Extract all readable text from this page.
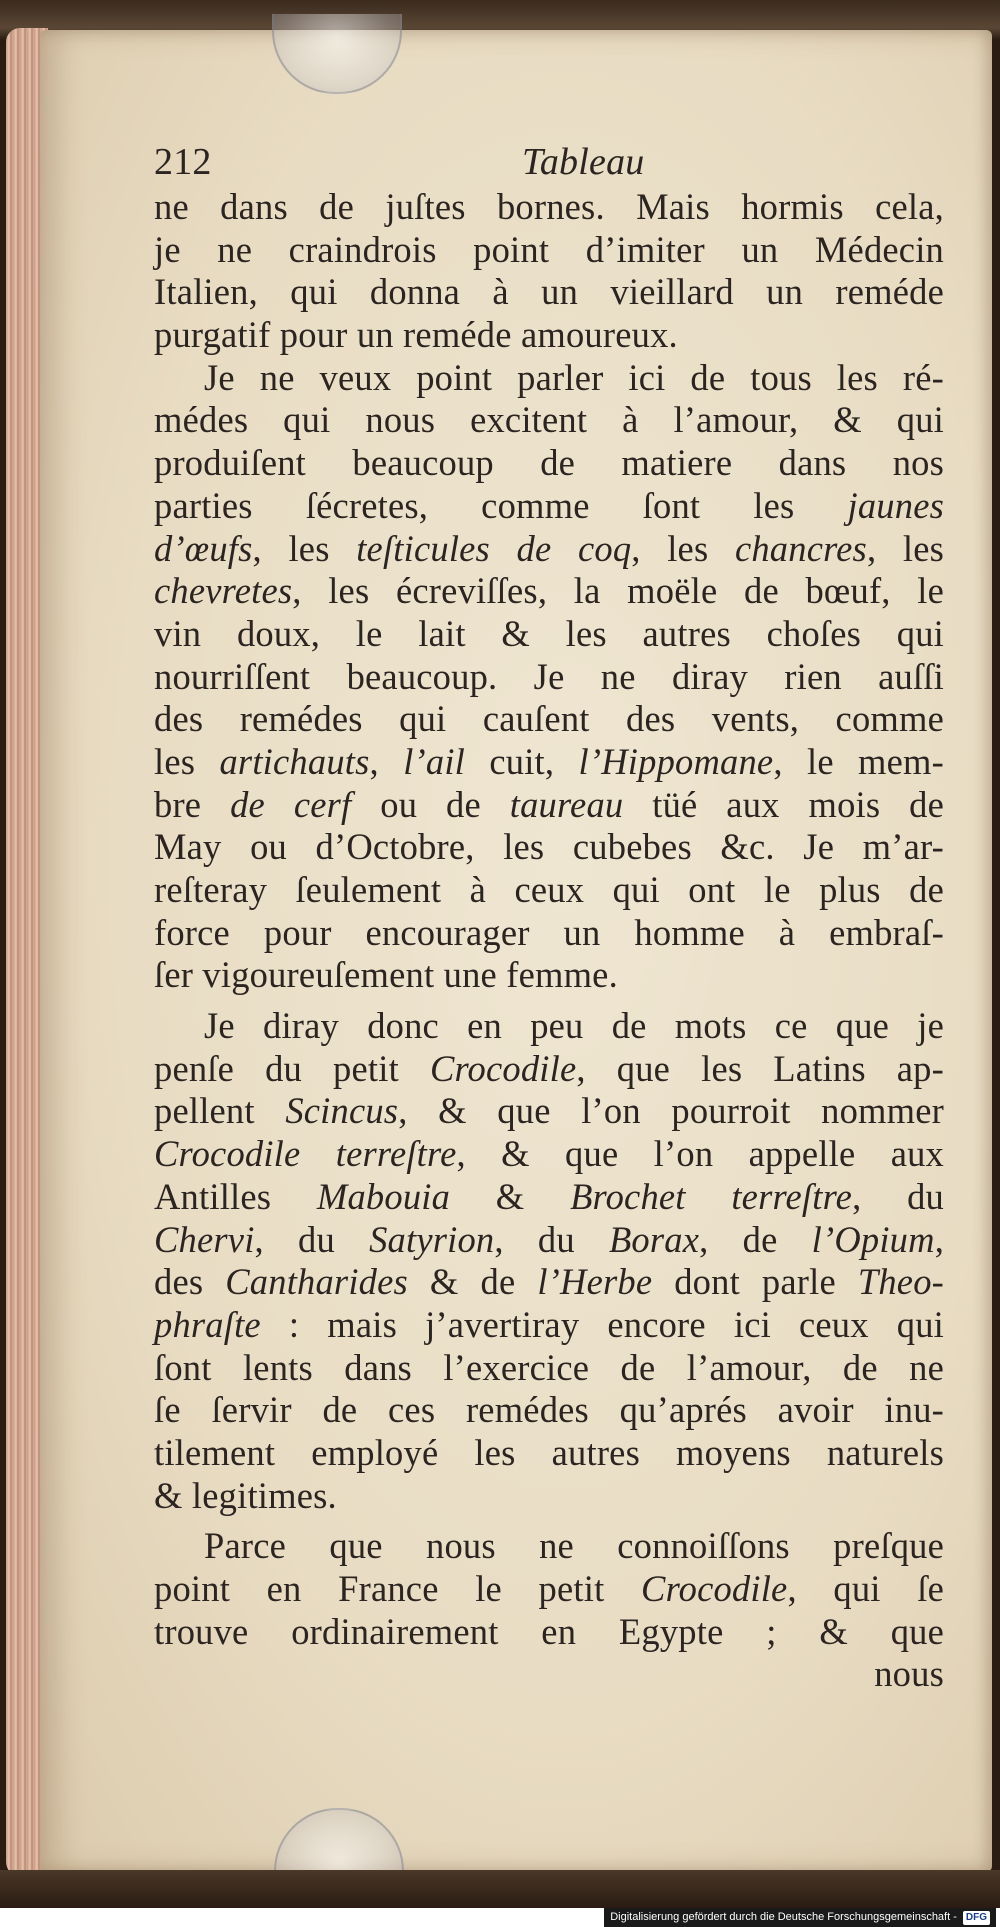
212	Tableau
ne dans de juſtes bornes. Mais hormis cela,
je ne craindrois point d’imiter un Médecin
Italien, qui donna à un vieillard un reméde
purgatif pour un reméde amoureux.
Je ne veux point parler ici de tous les ré-
médes qui nous excitent à l’amour, & qui
produiſent beaucoup de matiere dans nos
parties ſécretes, comme ſont les jaunes
d’œufs, les teſticules de coq, les chancres, les
chevretes, les écreviſſes, la moële de bœuf, le
vin doux, le lait & les autres choſes qui
nourriſſent beaucoup. Je ne diray rien auſſi
des reméd﻿es qui cauſent des vents, comme
les artichauts, l’ail cuit, l’Hippomane, le mem-
bre de cerf ou de taureau tüé aux mois de
May ou d’Octobre, les cubebes &c. Je m’ar-
reſteray ſeulement à ceux qui ont le plus de
force pour encourager un homme à embraſ-
ſer vigoureuſement une femme.
Je diray donc en peu de mots ce que je
penſe du petit Crocodile, que les Latins ap-
pellent Scincus, & que l’on pourroit nommer
Crocodile terreſtre, & que l’on appelle aux
Antilles Mabouia & Brochet terreſtre, du
Chervi, du Satyrion, du Borax, de l’Opium,
des Cantharides & de l’Herbe dont parle Theo-
phraſte : mais j’avertiray encore ici ceux qui
ſont lents dans l’exercice de l’amour, de ne
ſe ſervir de ces reméd﻿es qu’aprés avoir inu-
tilement employé les autres moyens naturels
& legitimes.
Parce que nous ne connoiſſons preſque
point en France le petit Crocodile, qui ſe
trouve ordinairement en Egypte ; & que
nous
Digitalisierung gefördert durch die Deutsche Forschungsgemeinschaft - DFG
